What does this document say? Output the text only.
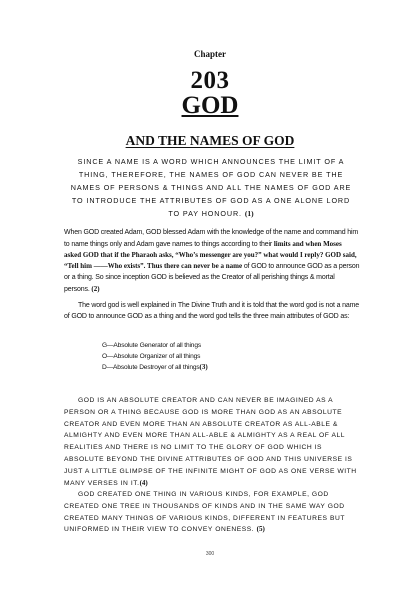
Chapter
203
GOD
AND THE NAMES OF GOD
SINCE A NAME IS A WORD WHICH ANNOUNCES THE LIMIT OF A THING, THEREFORE, THE NAMES OF GOD CAN NEVER BE THE NAMES OF PERSONS & THINGS AND ALL THE NAMES OF GOD ARE TO INTRODUCE THE ATTRIBUTES OF GOD AS A ONE ALONE LORD TO PAY HONOUR. (1)
When GOD created Adam, GOD blessed Adam with the knowledge of the name and command him to name things only and Adam gave names to things according to their limits and when Moses asked GOD that if the Pharaoh asks, “Who’s messenger are you?” what would I reply? GOD said, “Tell him ——Who exists”. Thus there can never be a name of GOD to announce GOD as a person or a thing. So since inception GOD is believed as the Creator of all perishing things & mortal persons. (2)
The word god is well explained in The Divine Truth and it is told that the word god is not a name of GOD to announce GOD as a thing and the word god tells the three main attributes of GOD as:
G—Absolute Generator of all things
O—Absolute Organizer of all things
D—Absolute Destroyer of all things(3)
GOD IS AN ABSOLUTE CREATOR AND CAN NEVER BE IMAGINED AS A PERSON OR A THING BECAUSE GOD IS MORE THAN GOD AS AN ABSOLUTE CREATOR AND EVEN MORE THAN AN ABSOLUTE CREATOR AS ALL-ABLE & ALMIGHTY AND EVEN MORE THAN ALL-ABLE & ALMIGHTY AS A REAL OF ALL REALITIES AND THERE IS NO LIMIT TO THE GLORY OF GOD WHICH IS ABSOLUTE BEYOND THE DIVINE ATTRIBUTES OF GOD AND THIS UNIVERSE IS JUST A LITTLE GLIMPSE OF THE INFINITE MIGHT OF GOD AS ONE VERSE WITH MANY VERSES IN IT.(4)
GOD CREATED ONE THING IN VARIOUS KINDS, FOR EXAMPLE, GOD CREATED ONE TREE IN THOUSANDS OF KINDS AND IN THE SAME WAY GOD CREATED MANY THINGS OF VARIOUS KINDS, DIFFERENT IN FEATURES BUT UNIFORMED IN THEIR VIEW TO CONVEY ONENESS. (5)
300
